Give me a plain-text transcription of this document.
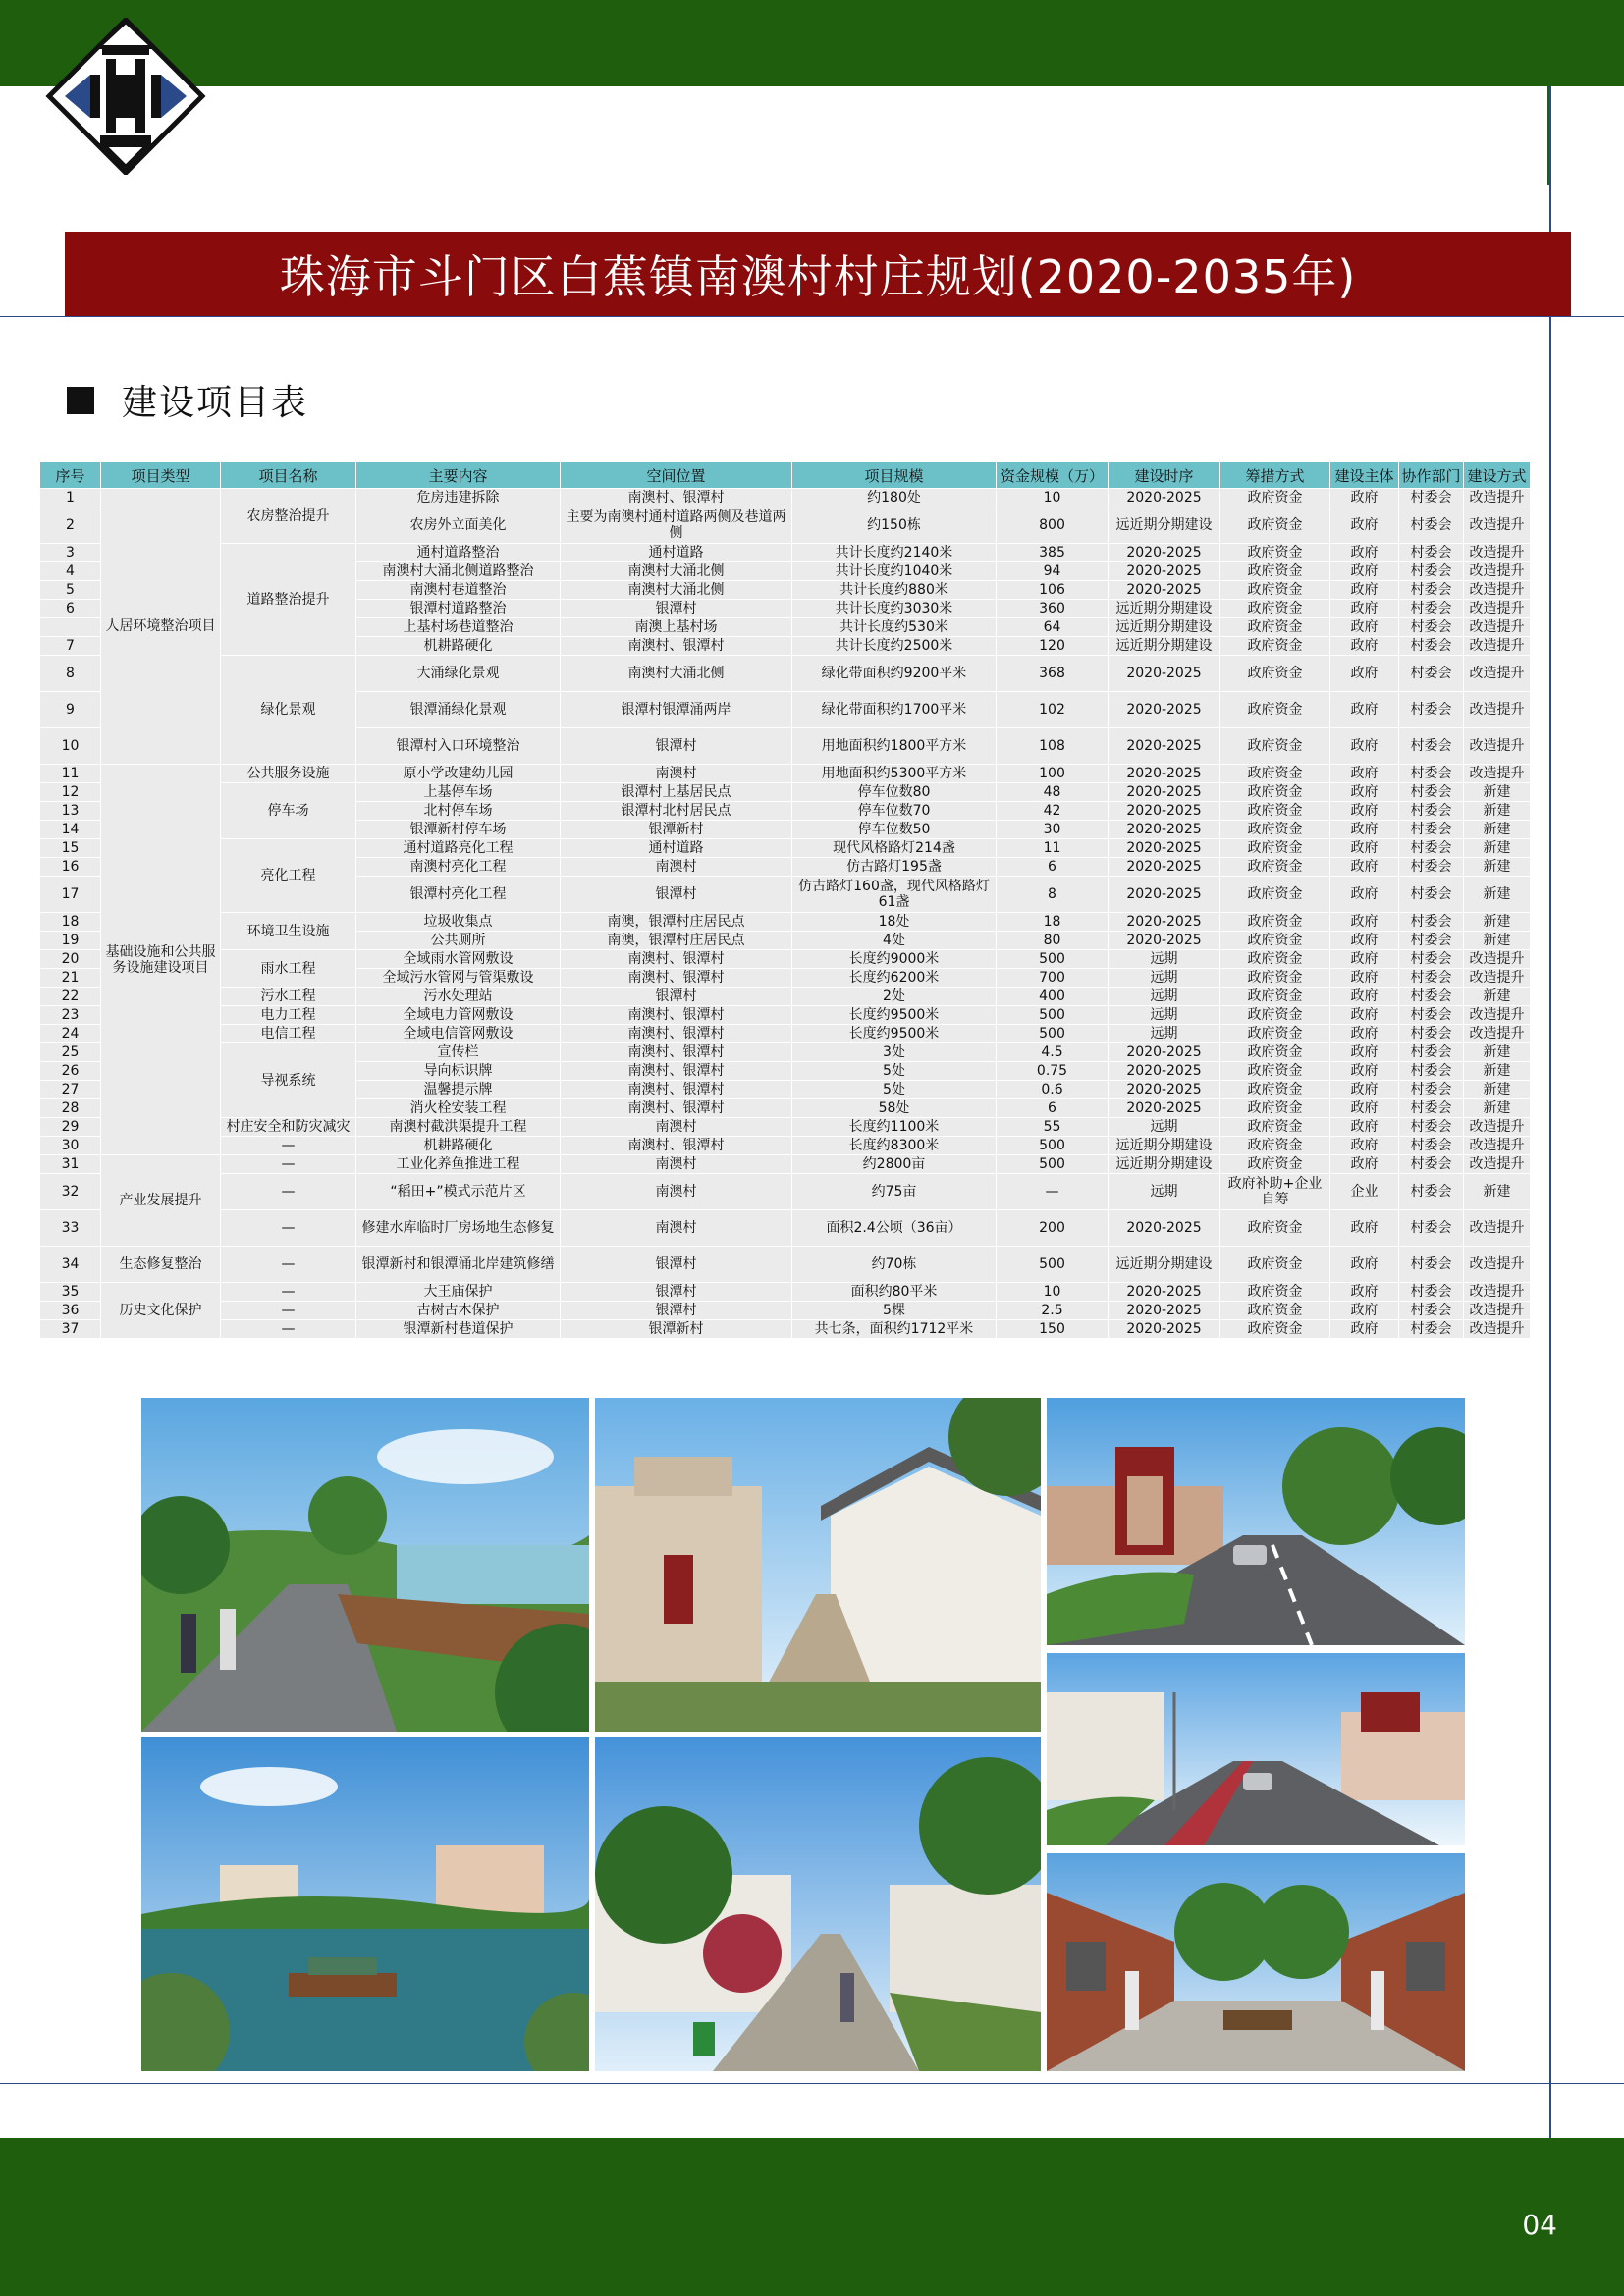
珠海市斗门区白蕉镇南澳村村庄规划(2020-2035年)
建设项目表
序号	项目类型	项目名称	主要内容	空间位置	项目规模	资金规模（万）	建设时序	筹措方式	建设主体	协作部门	建设方式
1	人居环境整治项目	农房整治提升	危房违建拆除	南澳村、银潭村	约180处	10	2020-2025	政府资金	政府	村委会	改造提升
2			农房外立面美化	主要为南澳村通村道路两侧及巷道两侧	约150栋	800	远近期分期建设	政府资金	政府	村委会	改造提升
3		道路整治提升	通村道路整治	通村道路	共计长度约2140米	385	2020-2025	政府资金	政府	村委会	改造提升
4			南澳村大涌北侧道路整治	南澳村大涌北侧	共计长度约1040米	94	2020-2025	政府资金	政府	村委会	改造提升
5			南澳村巷道整治	南澳村大涌北侧	共计长度约880米	106	2020-2025	政府资金	政府	村委会	改造提升
6			银潭村道路整治	银潭村	共计长度约3030米	360	远近期分期建设	政府资金	政府	村委会	改造提升
			上基村场巷道整治	南澳上基村场	共计长度约530米	64	远近期分期建设	政府资金	政府	村委会	改造提升
7			机耕路硬化	南澳村、银潭村	共计长度约2500米	120	远近期分期建设	政府资金	政府	村委会	改造提升
8		绿化景观	大涌绿化景观	南澳村大涌北侧	绿化带面积约9200平米	368	2020-2025	政府资金	政府	村委会	改造提升
9			银潭涌绿化景观	银潭村银潭涌两岸	绿化带面积约1700平米	102	2020-2025	政府资金	政府	村委会	改造提升
10			银潭村入口环境整治	银潭村	用地面积约1800平方米	108	2020-2025	政府资金	政府	村委会	改造提升
11	基础设施和公共服务设施建设项目	公共服务设施	原小学改建幼儿园	南澳村	用地面积约5300平方米	100	2020-2025	政府资金	政府	村委会	改造提升
12		停车场	上基停车场	银潭村上基居民点	停车位数80	48	2020-2025	政府资金	政府	村委会	新建
13			北村停车场	银潭村北村居民点	停车位数70	42	2020-2025	政府资金	政府	村委会	新建
14			银潭新村停车场	银潭新村	停车位数50	30	2020-2025	政府资金	政府	村委会	新建
15		亮化工程	通村道路亮化工程	通村道路	现代风格路灯214盏	11	2020-2025	政府资金	政府	村委会	新建
16			南澳村亮化工程	南澳村	仿古路灯195盏	6	2020-2025	政府资金	政府	村委会	新建
17			银潭村亮化工程	银潭村	仿古路灯160盏，现代风格路灯61盏	8	2020-2025	政府资金	政府	村委会	新建
18		环境卫生设施	垃圾收集点	南澳，银潭村庄居民点	18处	18	2020-2025	政府资金	政府	村委会	新建
19			公共厕所	南澳，银潭村庄居民点	4处	80	2020-2025	政府资金	政府	村委会	新建
20		雨水工程	全域雨水管网敷设	南澳村、银潭村	长度约9000米	500	远期	政府资金	政府	村委会	改造提升
21			全域污水管网与管渠敷设	南澳村、银潭村	长度约6200米	700	远期	政府资金	政府	村委会	改造提升
22		污水工程	污水处理站	银潭村	2处	400	远期	政府资金	政府	村委会	新建
23		电力工程	全域电力管网敷设	南澳村、银潭村	长度约9500米	500	远期	政府资金	政府	村委会	改造提升
24		电信工程	全域电信管网敷设	南澳村、银潭村	长度约9500米	500	远期	政府资金	政府	村委会	改造提升
25		导视系统	宣传栏	南澳村、银潭村	3处	4.5	2020-2025	政府资金	政府	村委会	新建
26			导向标识牌	南澳村、银潭村	5处	0.75	2020-2025	政府资金	政府	村委会	新建
27			温馨提示牌	南澳村、银潭村	5处	0.6	2020-2025	政府资金	政府	村委会	新建
28			消火栓安装工程	南澳村、银潭村	58处	6	2020-2025	政府资金	政府	村委会	新建
29		村庄安全和防灾减灾	南澳村截洪渠提升工程	南澳村	长度约1100米	55	远期	政府资金	政府	村委会	改造提升
30		—	机耕路硬化	南澳村、银潭村	长度约8300米	500	远近期分期建设	政府资金	政府	村委会	改造提升
31	产业发展提升	—	工业化养鱼推进工程	南澳村	约2800亩	500	远近期分期建设	政府资金	政府	村委会	改造提升
32		—	“稻田+”模式示范片区	南澳村	约75亩	—	远期	政府补助+企业自筹	企业	村委会	新建
33		—	修建水库临时厂房场地生态修复	南澳村	面积2.4公顷（36亩）	200	2020-2025	政府资金	政府	村委会	改造提升
34	生态修复整治	—	银潭新村和银潭涌北岸建筑修缮	银潭村	约70栋	500	远近期分期建设	政府资金	政府	村委会	改造提升
35	历史文化保护	—	大王庙保护	银潭村	面积约80平米	10	2020-2025	政府资金	政府	村委会	改造提升
36		—	古树古木保护	银潭村	5棵	2.5	2020-2025	政府资金	政府	村委会	改造提升
37		—	银潭新村巷道保护	银潭新村	共七条，面积约1712平米	150	2020-2025	政府资金	政府	村委会	改造提升
04
